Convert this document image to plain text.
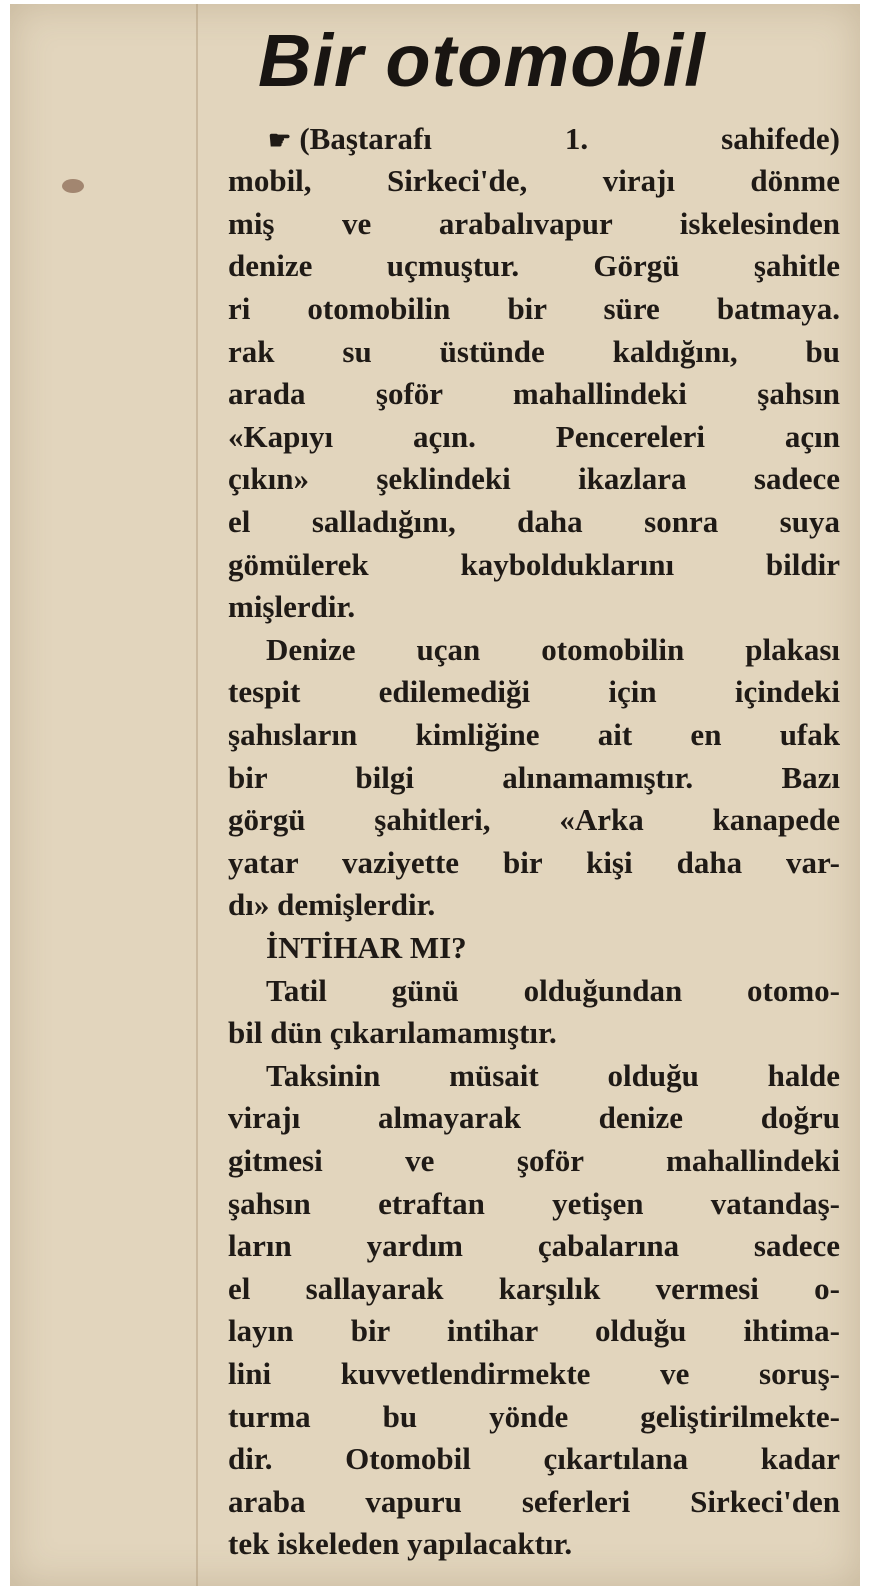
Bir otomobil
☛ (Baştarafı 1. sahifede)
mobil, Sirkeci'de, virajı dönme
miş ve arabalıvapur iskelesinden
denize uçmuştur. Görgü şahitle
ri otomobilin bir süre batmaya.
rak su üstünde kaldığını, bu
arada şoför mahallindeki şahsın
«Kapıyı açın. Pencereleri açın
çıkın» şeklindeki ikazlara sadece
el salladığını, daha sonra suya
gömülerek kaybolduklarını bildir
mişlerdir.
Denize uçan otomobilin plakası
tespit edilemediği için içindeki
şahısların kimliğine ait en ufak
bir bilgi alınamamıştır. Bazı
görgü şahitleri, «Arka kanapede
yatar vaziyette bir kişi daha var-
dı» demişlerdir.
İNTİHAR MI?
Tatil günü olduğundan otomo-
bil dün çıkarılamamıştır.
Taksinin müsait olduğu halde
virajı almayarak denize doğru
gitmesi ve şoför mahallindeki
şahsın etraftan yetişen vatandaş-
ların yardım çabalarına sadece
el sallayarak karşılık vermesi o-
layın bir intihar olduğu ihtima-
lini kuvvetlendirmekte ve soruş-
turma bu yönde geliştirilmekte-
dir. Otomobil çıkartılana kadar
araba vapuru seferleri Sirkeci'den
tek iskeleden yapılacaktır.
